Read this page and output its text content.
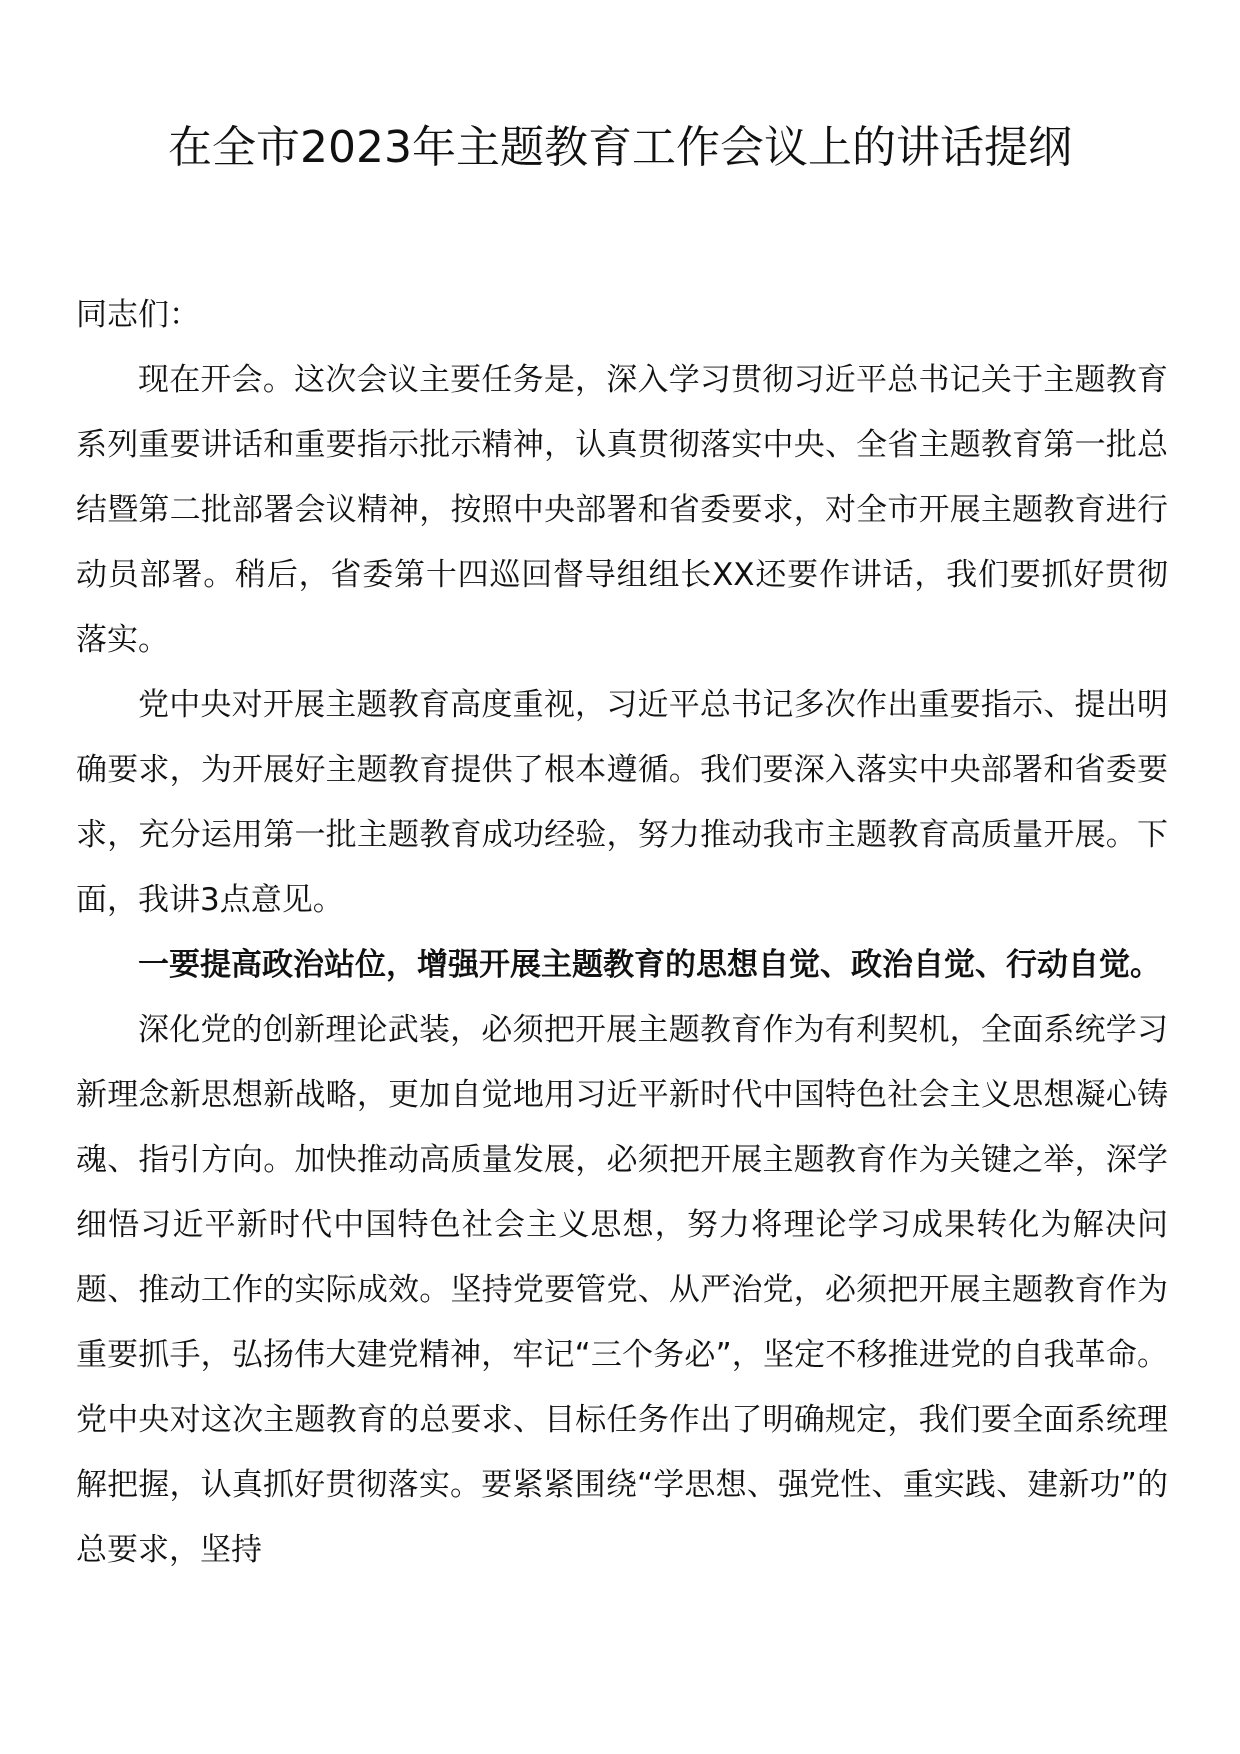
在全市2023年主题教育工作会议上的讲话提纲

同志们：

现在开会。这次会议主要任务是，深入学习贯彻习近平总书记关于主题教育系列重要讲话和重要指示批示精神，认真贯彻落实中央、全省主题教育第一批总结暨第二批部署会议精神，按照中央部署和省委要求，对全市开展主题教育进行动员部署。稍后，省委第十四巡回督导组组长XX还要作讲话，我们要抓好贯彻落实。

党中央对开展主题教育高度重视，习近平总书记多次作出重要指示、提出明确要求，为开展好主题教育提供了根本遵循。我们要深入落实中央部署和省委要求，充分运用第一批主题教育成功经验，努力推动我市主题教育高质量开展。下面，我讲3点意见。

一要提高政治站位，增强开展主题教育的思想自觉、政治自觉、行动自觉。

深化党的创新理论武装，必须把开展主题教育作为有利契机，全面系统学习新理念新思想新战略，更加自觉地用习近平新时代中国特色社会主义思想凝心铸魂、指引方向。加快推动高质量发展，必须把开展主题教育作为关键之举，深学细悟习近平新时代中国特色社会主义思想，努力将理论学习成果转化为解决问题、推动工作的实际成效。坚持党要管党、从严治党，必须把开展主题教育作为重要抓手，弘扬伟大建党精神，牢记“三个务必”，坚定不移推进党的自我革命。党中央对这次主题教育的总要求、目标任务作出了明确规定，我们要全面系统理解把握，认真抓好贯彻落实。要紧紧围绕“学思想、强党性、重实践、建新功”的总要求，坚持
